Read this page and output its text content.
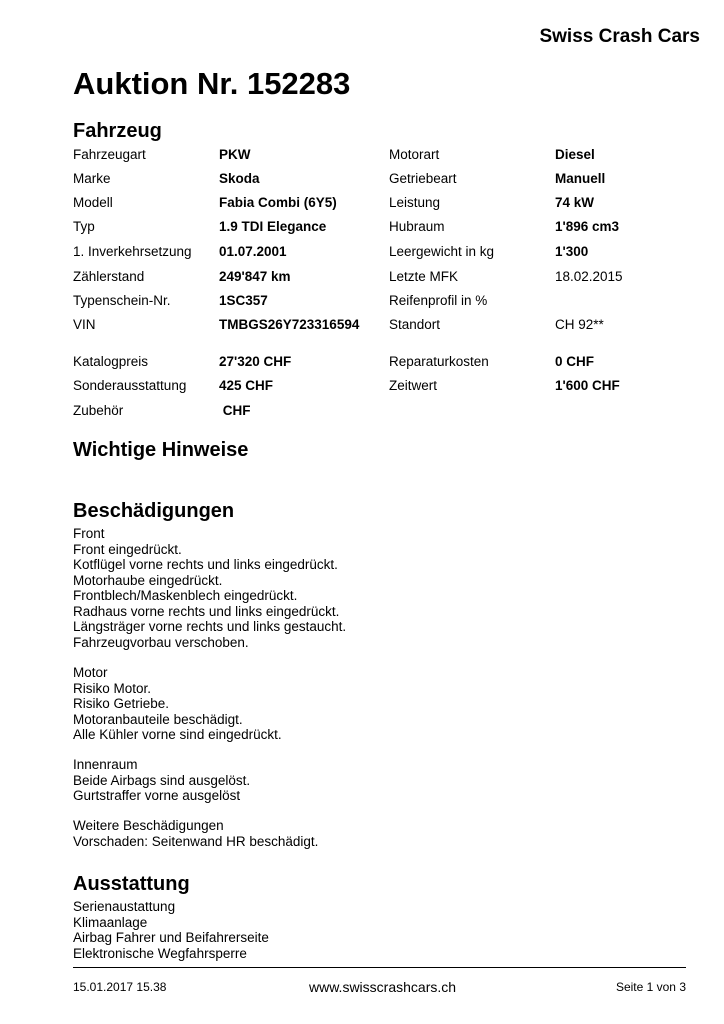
Swiss Crash Cars
Auktion Nr. 152283
Fahrzeug
Fahrzeugart	PKW	Motorart	Diesel
Marke	Skoda	Getriebeart	Manuell
Modell	Fabia Combi (6Y5)	Leistung	74 kW
Typ	1.9 TDI Elegance	Hubraum	1'896 cm3
1. Inverkehrsetzung 01.07.2001	Leergewicht in kg	1'300
Zählerstand	249'847 km	Letzte MFK	18.02.2015
Typenschein-Nr.	1SC357	Reifenprofil in %
VIN	TMBGS26Y723316594 Standort	CH 92**
Katalogpreis	27'320 CHF	Reparaturkosten	0 CHF
Sonderausstattung 425 CHF	Zeitwert	1'600 CHF
Zubehör	CHF
Wichtige Hinweise
Beschädigungen
Front
Front eingedrückt.
Kotflügel vorne rechts und links eingedrückt.
Motorhaube eingedrückt.
Frontblech/Maskenblech eingedrückt.
Radhaus vorne rechts und links eingedrückt.
Längsträger vorne rechts und links gestaucht.
Fahrzeugvorbau verschoben.
Motor
Risiko Motor.
Risiko Getriebe.
Motoranbauteile beschädigt.
Alle Kühler vorne sind eingedrückt.
Innenraum
Beide Airbags sind ausgelöst.
Gurtstraffer vorne ausgelöst
Weitere Beschädigungen
Vorschaden: Seitenwand HR beschädigt.
Ausstattung
Serienaustattung
Klimaanlage
Airbag Fahrer und Beifahrerseite
Elektronische Wegfahrsperre
15.01.2017 15.38	www.swisscrashcars.ch	Seite 1 von 3
